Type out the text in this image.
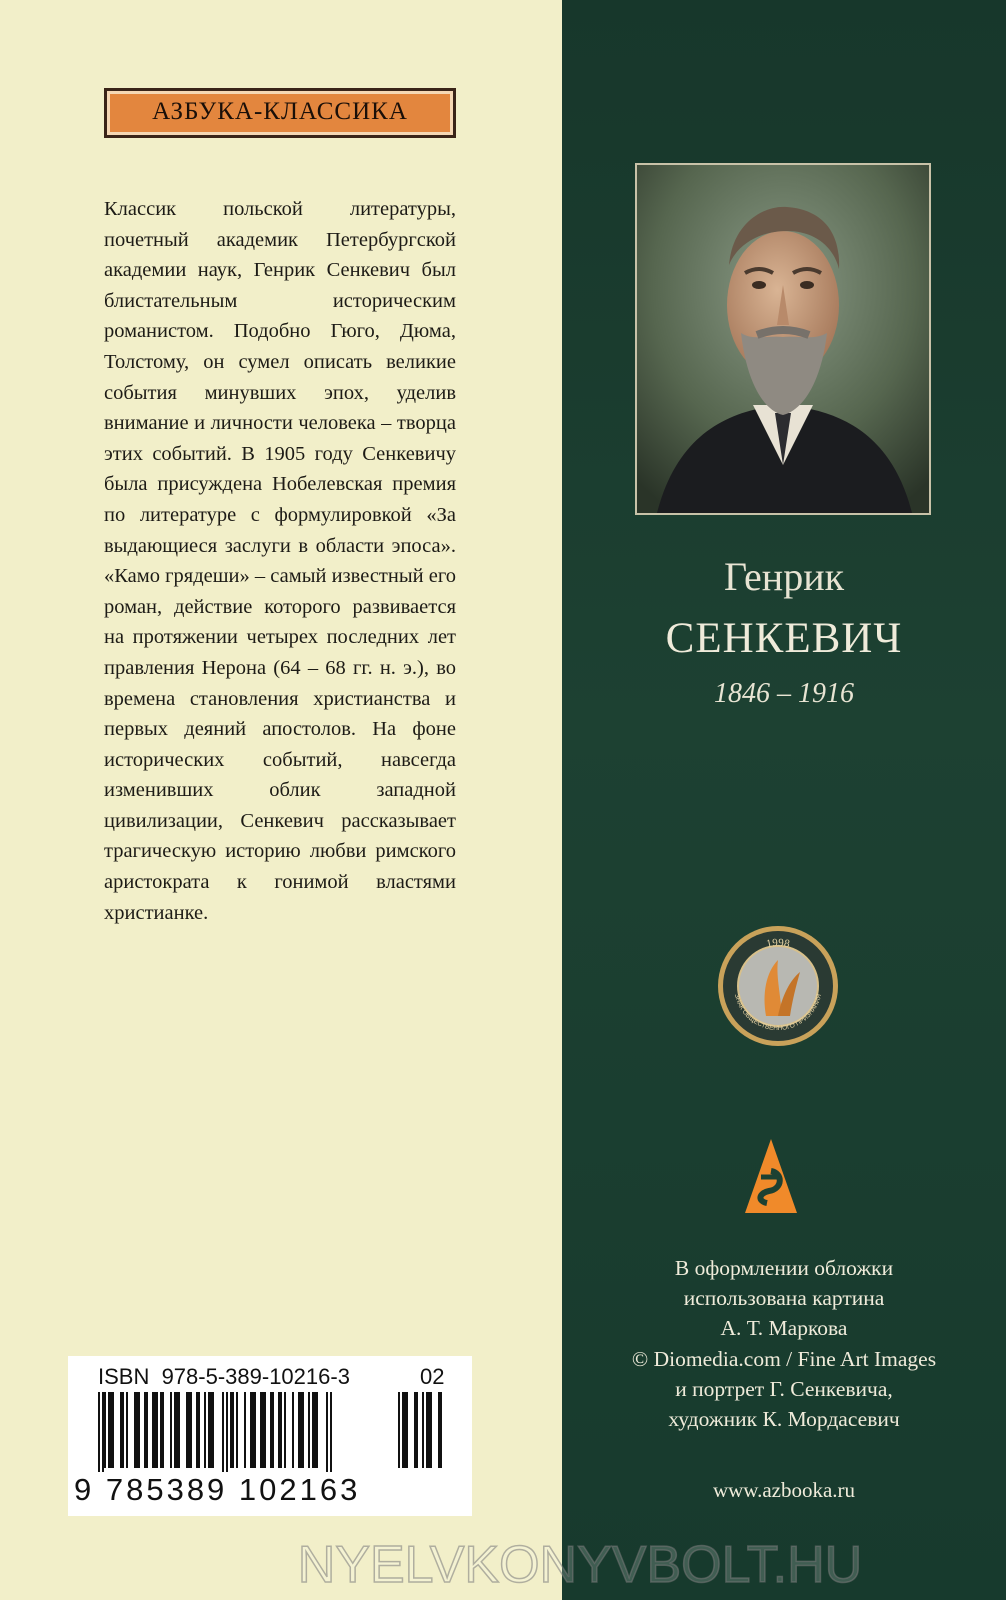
АЗБУКА-КЛАССИКА

Классик польской литературы, почетный академик Петербургской академии наук, Генрик Сенкевич был блистательным историческим романистом. Подобно Гюго, Дюма, Толстому, он сумел описать великие события минувших эпох, уделив внимание и личности человека – творца этих событий. В 1905 году Сенкевичу была присуждена Нобелевская премия по литературе с формулировкой «За выдающиеся заслуги в области эпоса». «Камо грядеши» – самый известный его роман, действие которого развивается на протяжении четырех последних лет правления Нерона (64 – 68 гг. н. э.), во времена становления христианства и первых деяний апостолов. На фоне исторических событий, навсегда изменивших облик западной цивилизации, Сенкевич рассказывает трагическую историю любви римского аристократа к гонимой властями христианке.

ISBN  978-5-389-10216-3	02
9 785389 102163
Генрик
СЕНКЕВИЧ
1846 – 1916
1998
ЗНАК ОБЩЕСТВЕННОГО ПРИЗНАНИЯ
В оформлении обложки
использована картина
А. Т. Маркова
© Diomedia.com / Fine Art Images
и портрет Г. Сенкевича,
художник К. Мордасевич
www.azbooka.ru
NYELVKONYVBOLT.HU
